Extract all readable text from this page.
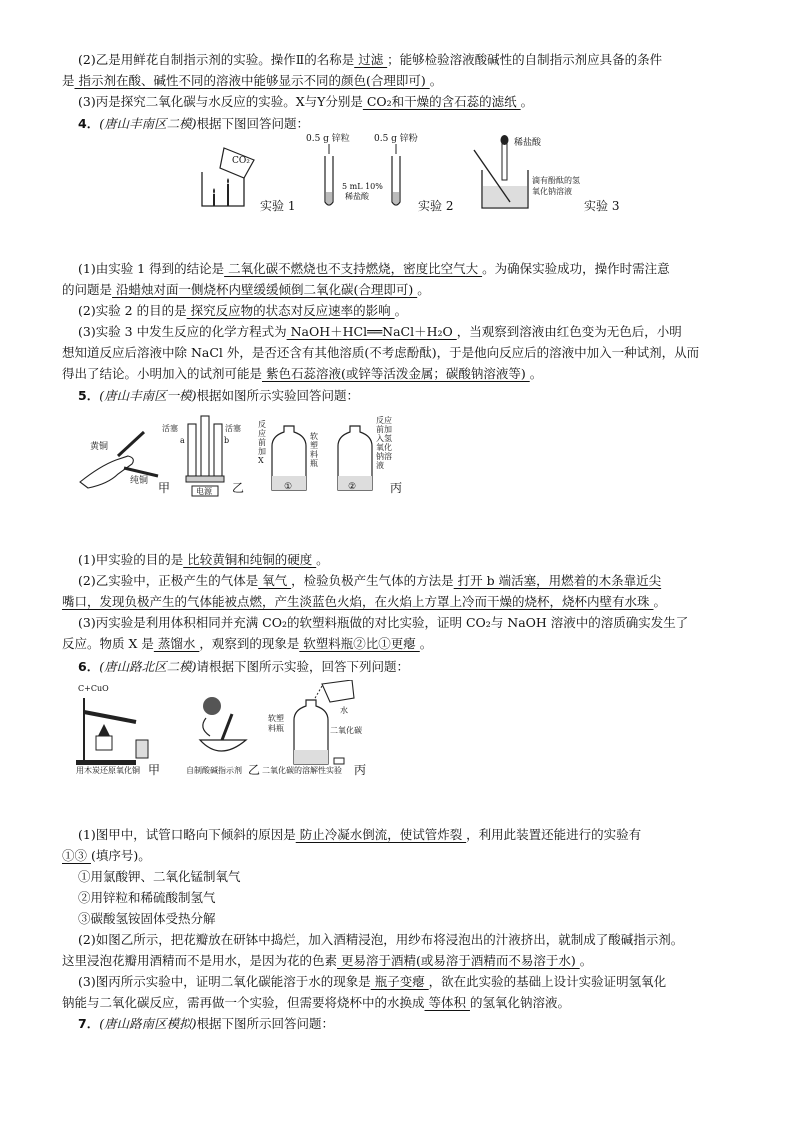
(2)乙是用鲜花自制指示剂的实验。操作Ⅱ的名称是 过滤 ；能够检验溶液酸碱性的自制指示剂应具备的条件
是 指示剂在酸、碱性不同的溶液中能够显示不同的颜色(合理即可) 。
(3)丙是探究二氧化碳与水反应的实验。X与Y分别是 CO₂和干燥的含石蕊的滤纸 。
4．(唐山丰南区二模)根据下图回答问题：
CO₂
0.5 g 锌粒	0.5 g 锌粉
5 mL 10%
稀盐酸
稀盐酸
滴有酚酞的氢
氧化钠溶液
实验 1	实验 2	实验 3
(1)由实验 1 得到的结论是 二氧化碳不燃烧也不支持燃烧，密度比空气大 。为确保实验成功，操作时需注意
的问题是 沿蜡烛对面一侧烧杯内壁缓缓倾倒二氧化碳(合理即可) 。
(2)实验 2 的目的是 探究反应物的状态对反应速率的影响 。
(3)实验 3 中发生反应的化学方程式为 NaOH＋HCl══NaCl＋H₂O ，当观察到溶液由红色变为无色后，小明
想知道反应后溶液中除 NaCl 外，是否还含有其他溶质(不考虑酚酞)，于是他向反应后的溶液中加入一种试剂，从而
得出了结论。小明加入的试剂可能是 紫色石蕊溶液(或锌等活泼金属；碳酸钠溶液等) 。
5．(唐山丰南区一模)根据如图所示实验回答问题：
黄铜
纯铜 甲
活塞	活塞
a	b
电源 乙
反应前加X
软塑料瓶
反应前加入氢氧化钠溶液
①	②	丙
(1)甲实验的目的是 比较黄铜和纯铜的硬度 。
(2)乙实验中，正极产生的气体是 氧气 ，检验负极产生气体的方法是 打开 b 端活塞，用燃着的木条靠近尖
嘴口，发现负极产生的气体能被点燃，产生淡蓝色火焰，在火焰上方罩上冷而干燥的烧杯，烧杯内壁有水珠 。
(3)丙实验是利用体积相同并充满 CO₂的软塑料瓶做的对比实验，证明 CO₂与 NaOH 溶液中的溶质确实发生了
反应。物质 X 是 蒸馏水 ，观察到的现象是 软塑料瓶②比①更瘪 。
6．(唐山路北区二模)请根据下图所示实验，回答下列问题：
C+CuO
水
软塑
料瓶	二氧化碳
用木炭还原氧化铜 甲	自制酸碱指示剂 乙 二氧化碳的溶解性实验 丙
(1)图甲中，试管口略向下倾斜的原因是 防止冷凝水倒流，使试管炸裂 ，利用此装置还能进行的实验有
①③ (填序号)。
①用氯酸钾、二氧化锰制氧气
②用锌粒和稀硫酸制氢气
③碳酸氢铵固体受热分解
(2)如图乙所示，把花瓣放在研钵中捣烂，加入酒精浸泡，用纱布将浸泡出的汁液挤出，就制成了酸碱指示剂。
这里浸泡花瓣用酒精而不是用水，是因为花的色素 更易溶于酒精(或易溶于酒精而不易溶于水) 。
(3)图丙所示实验中，证明二氧化碳能溶于水的现象是 瓶子变瘪 ，欲在此实验的基础上设计实验证明氢氧化
钠能与二氧化碳反应，需再做一个实验，但需要将烧杯中的水换成 等体积 的氢氧化钠溶液。
7．(唐山路南区模拟)根据下图所示回答问题：
